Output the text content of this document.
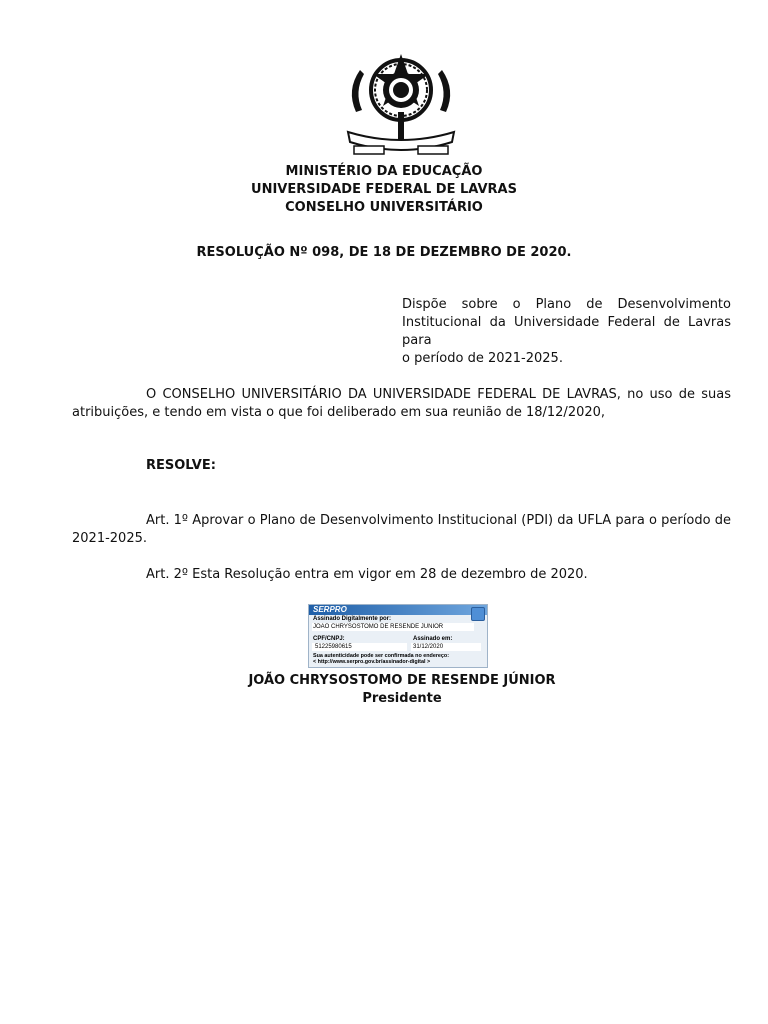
MINISTÉRIO DA EDUCAÇÃO
UNIVERSIDADE FEDERAL DE LAVRAS
CONSELHO UNIVERSITÁRIO
RESOLUÇÃO Nº 098, DE 18 DE DEZEMBRO DE 2020.
Dispõe sobre o Plano de Desenvolvimento
Institucional da Universidade Federal de Lavras para
o período de 2021-2025.
O CONSELHO UNIVERSITÁRIO DA UNIVERSIDADE FEDERAL DE LAVRAS, no uso de suas
atribuições, e tendo em vista o que foi deliberado em sua reunião de 18/12/2020,
RESOLVE:
Art. 1º Aprovar o Plano de Desenvolvimento Institucional (PDI) da UFLA para o período de
2021-2025.
Art. 2º Esta Resolução entra em vigor em 28 de dezembro de 2020.
SERPRO
Assinado Digitalmente por:
JOAO CHRYSOSTOMO DE RESENDE JUNIOR
CPF/CNPJ:	Assinado em:
51225980615	31/12/2020
Sua autenticidade pode ser confirmada no endereço:
< http://www.serpro.gov.br/assinador-digital >
JOÃO CHRYSOSTOMO DE RESENDE JÚNIOR
Presidente
